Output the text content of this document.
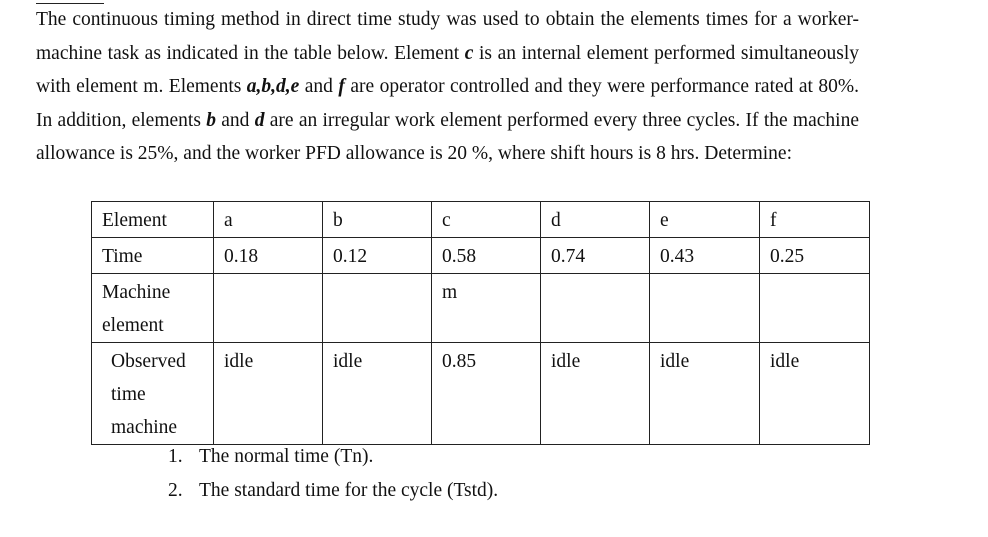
The continuous timing method in direct time study was used to obtain the elements times for a worker-machine task as indicated in the table below. Element c is an internal element performed simultaneously with element m. Elements a,b,d,e and f are operator controlled and they were performance rated at 80%. In addition, elements b and d are an irregular work element performed every three cycles. If the machine allowance is 25%, and the worker PFD allowance is 20 %, where shift hours is 8 hrs. Determine:
Element	a	b	c	d	e	f
Time	0.18	0.12	0.58	0.74	0.43	0.25
Machine element			m			
Observed time machine	idle	idle	0.85	idle	idle	idle
1. The normal time (Tn).
2. The standard time for the cycle (Tstd).
